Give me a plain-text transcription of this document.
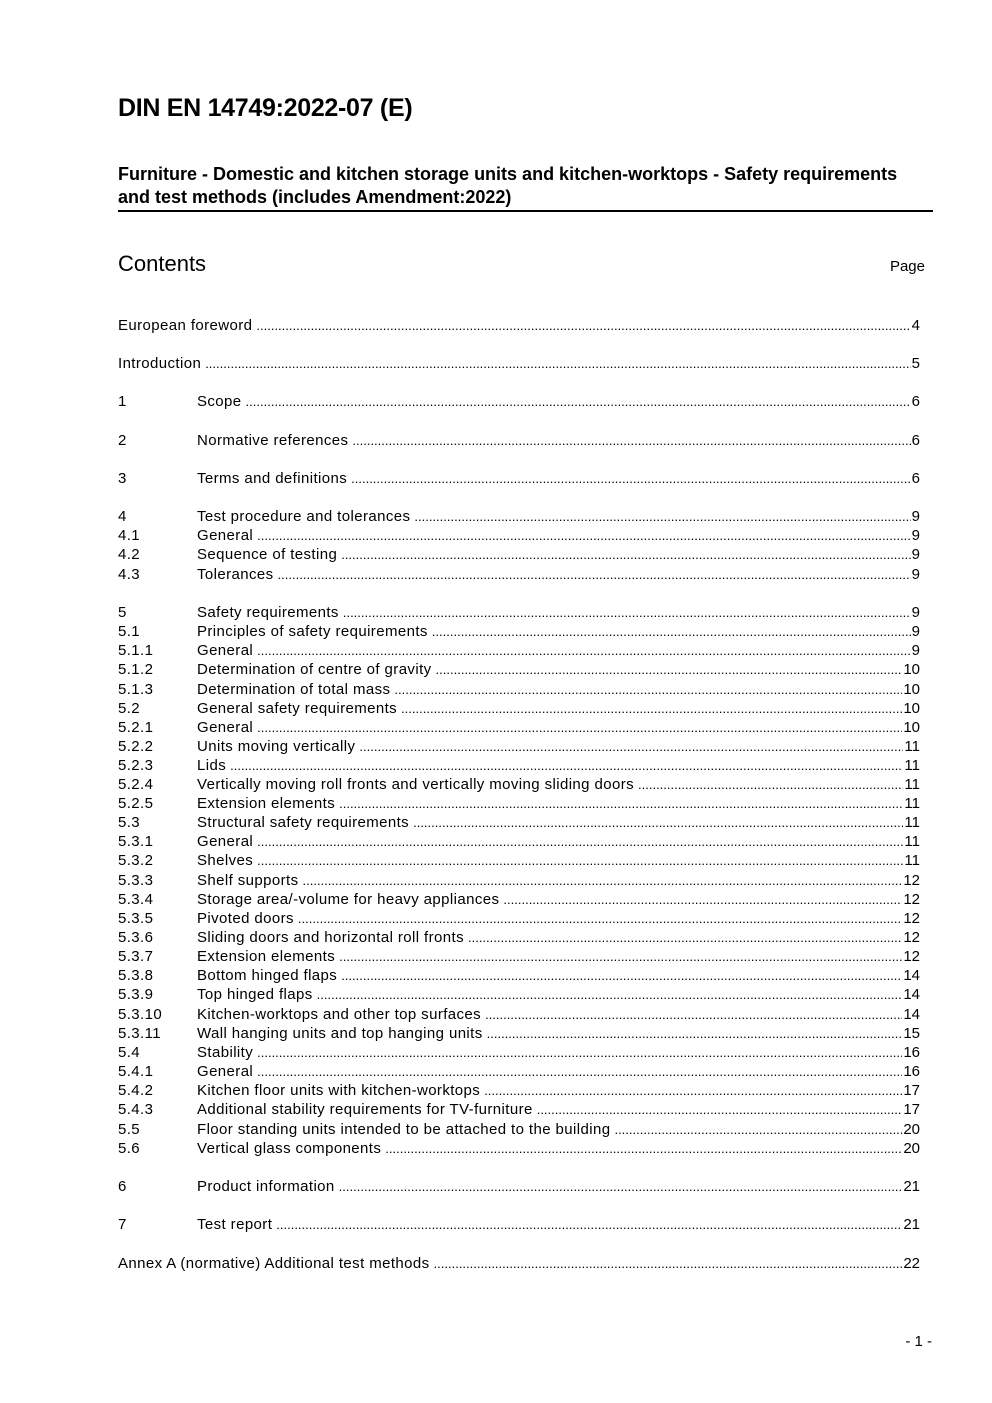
DIN EN 14749:2022-07 (E)
Furniture - Domestic and kitchen storage units and kitchen-worktops - Safety requirements and test methods (includes Amendment:2022)
Contents	Page
European foreword .....	4
Introduction .....	5
1	Scope .....	6
2	Normative references .....	6
3	Terms and definitions .....	6
4	Test procedure and tolerances .....	9
4.1	General .....	9
4.2	Sequence of testing .....	9
4.3	Tolerances .....	9
5	Safety requirements .....	9
5.1	Principles of safety requirements .....	9
5.1.1	General .....	9
5.1.2	Determination of centre of gravity .....	10
5.1.3	Determination of total mass .....	10
5.2	General safety requirements .....	10
5.2.1	General .....	10
5.2.2	Units moving vertically .....	11
5.2.3	Lids .....	11
5.2.4	Vertically moving roll fronts and vertically moving sliding doors .....	11
5.2.5	Extension elements .....	11
5.3	Structural safety requirements .....	11
5.3.1	General .....	11
5.3.2	Shelves .....	11
5.3.3	Shelf supports .....	12
5.3.4	Storage area/-volume for heavy appliances .....	12
5.3.5	Pivoted doors .....	12
5.3.6	Sliding doors and horizontal roll fronts .....	12
5.3.7	Extension elements .....	12
5.3.8	Bottom hinged flaps .....	14
5.3.9	Top hinged flaps .....	14
5.3.10	Kitchen-worktops and other top surfaces .....	14
5.3.11	Wall hanging units and top hanging units .....	15
5.4	Stability .....	16
5.4.1	General .....	16
5.4.2	Kitchen floor units with kitchen-worktops .....	17
5.4.3	Additional stability requirements for TV-furniture .....	17
5.5	Floor standing units intended to be attached to the building .....	20
5.6	Vertical glass components .....	20
6	Product information .....	21
7	Test report .....	21
Annex A (normative) Additional test methods .....	22
- 1 -
